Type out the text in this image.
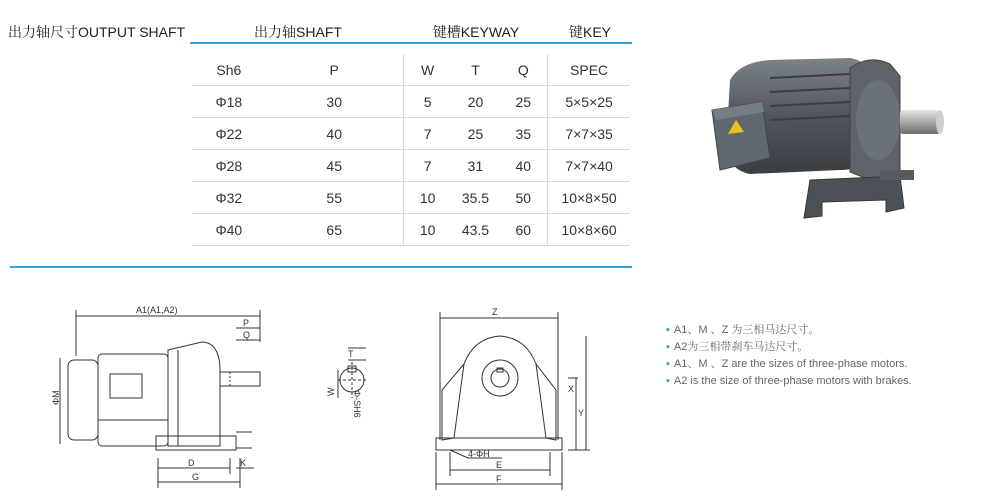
出力轴尺寸OUTPUT SHAFT	出力轴SHAFT	键槽KEYWAY	键KEY
Sh6	P	W	T	Q	SPEC
Φ18	30	5	20	25	5×5×25
Φ22	40	7	25	35	7×7×35
Φ28	45	7	31	40	7×7×40
Φ32	55	10	35.5	50	10×8×50
Φ40	65	10	43.5	60	10×8×60
A1(A1,A2)
P
Q
ΦM
D
G
K
T
W Φ-SH6
Z
X
Y
4-ΦH
E
F
▪ A1、M 、Z 为三相马达尺寸。
▪ A2为三相带刹车马达尺寸。
▪ A1、M 、Z are the sizes of three-phase motors.
▪ A2 is the size of three-phase motors with brakes.
